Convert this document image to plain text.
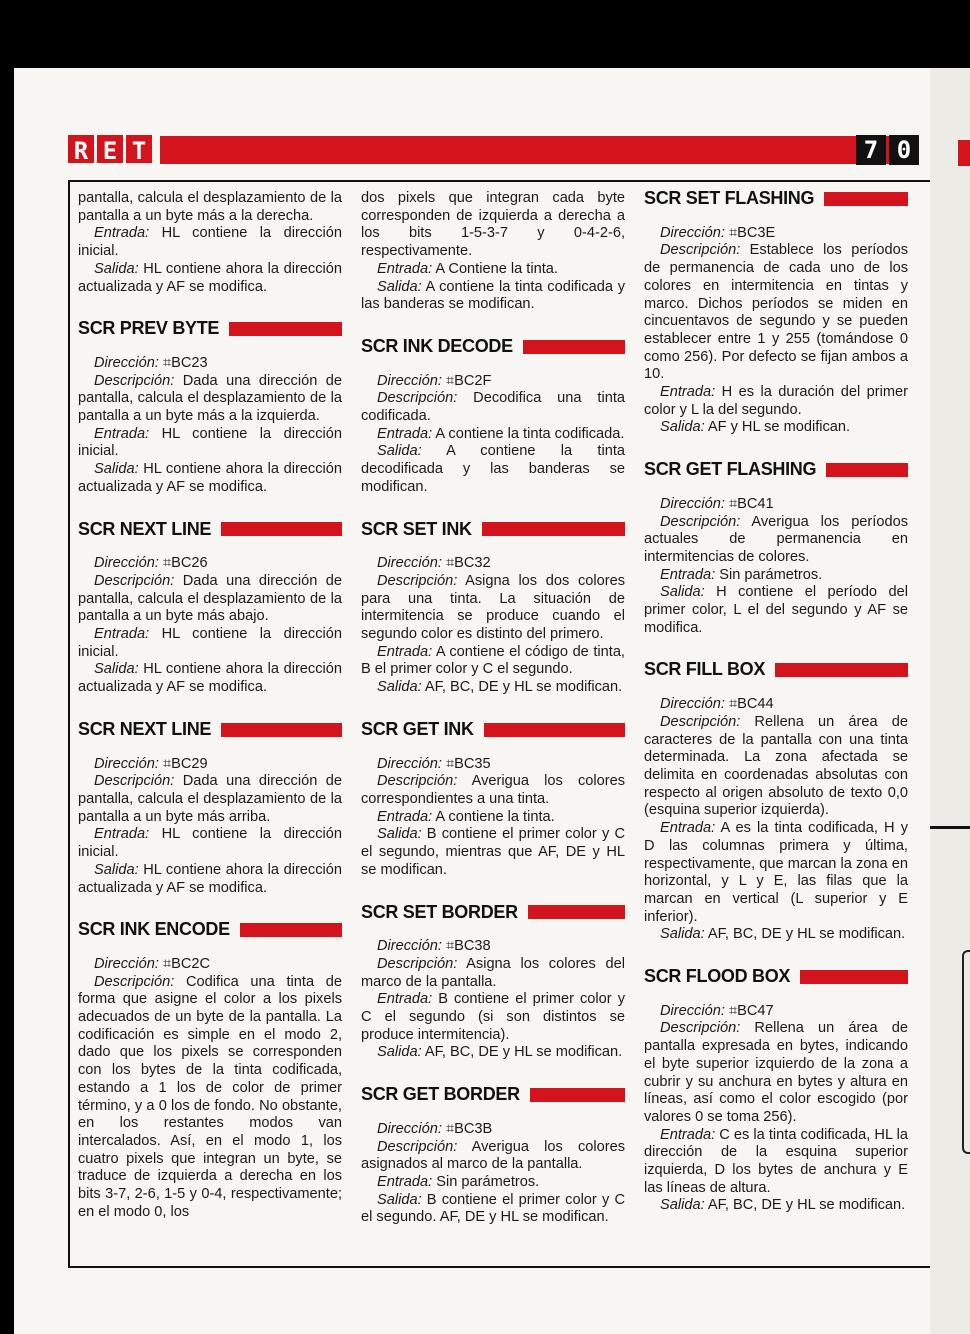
R E T	7 0

pantalla, calcula el desplazamiento de la pantalla a un byte más a la derecha.

Entrada: HL contiene la dirección inicial.

Salida: HL contiene ahora la dirección actualizada y AF se modifica.

SCR PREV BYTE

Dirección: ⌗BC23

Descripción: Dada una dirección de pantalla, calcula el desplazamiento de la pantalla a un byte más a la izquierda.

Entrada: HL contiene la dirección inicial.

Salida: HL contiene ahora la dirección actualizada y AF se modifica.

SCR NEXT LINE

Dirección: ⌗BC26

Descripción: Dada una dirección de pantalla, calcula el desplazamiento de la pantalla a un byte más abajo.

Entrada: HL contiene la dirección inicial.

Salida: HL contiene ahora la dirección actualizada y AF se modifica.

SCR NEXT LINE

Dirección: ⌗BC29

Descripción: Dada una dirección de pantalla, calcula el desplazamiento de la pantalla a un byte más arriba.

Entrada: HL contiene la dirección inicial.

Salida: HL contiene ahora la dirección actualizada y AF se modifica.

SCR INK ENCODE

Dirección: ⌗BC2C

Descripción: Codifica una tinta de forma que asigne el color a los pixels adecuados de un byte de la pantalla. La codificación es simple en el modo 2, dado que los pixels se corresponden con los bytes de la tinta codificada, estando a 1 los de color de primer término, y a 0 los de fondo. No obstante, en los restantes modos van intercalados. Así, en el modo 1, los cuatro pixels que integran un byte, se traduce de izquierda a derecha en los bits 3-7, 2-6, 1-5 y 0-4, respectivamente; en el modo 0, los

dos pixels que integran cada byte corresponden de izquierda a derecha a los bits 1-5-3-7 y 0-4-2-6, respectivamente.

Entrada: A Contiene la tinta.

Salida: A contiene la tinta codificada y las banderas se modifican.

SCR INK DECODE

Dirección: ⌗BC2F

Descripción: Decodifica una tinta codificada.

Entrada: A contiene la tinta codificada.

Salida: A contiene la tinta decodificada y las banderas se modifican.

SCR SET INK

Dirección: ⌗BC32

Descripción: Asigna los dos colores para una tinta. La situación de intermitencia se produce cuando el segundo color es distinto del primero.

Entrada: A contiene el código de tinta, B el primer color y C el segundo.

Salida: AF, BC, DE y HL se modifican.

SCR GET INK

Dirección: ⌗BC35

Descripción: Averigua los colores correspondientes a una tinta.

Entrada: A contiene la tinta.

Salida: B contiene el primer color y C el segundo, mientras que AF, DE y HL se modifican.

SCR SET BORDER

Dirección: ⌗BC38

Descripción: Asigna los colores del marco de la pantalla.

Entrada: B contiene el primer color y C el segundo (si son distintos se produce intermitencia).

Salida: AF, BC, DE y HL se modifican.

SCR GET BORDER

Dirección: ⌗BC3B

Descripción: Averigua los colores asignados al marco de la pantalla.

Entrada: Sin parámetros.

Salida: B contiene el primer color y C el segundo. AF, DE y HL se modifican.

SCR SET FLASHING

Dirección: ⌗BC3E

Descripción: Establece los períodos de permanencia de cada uno de los colores en intermitencia en tintas y marco. Dichos períodos se miden en cincuentavos de segundo y se pueden establecer entre 1 y 255 (tomándose 0 como 256). Por defecto se fijan ambos a 10.

Entrada: H es la duración del primer color y L la del segundo.

Salida: AF y HL se modifican.

SCR GET FLASHING

Dirección: ⌗BC41

Descripción: Averigua los períodos actuales de permanencia en intermitencias de colores.

Entrada: Sin parámetros.

Salida: H contiene el período del primer color, L el del segundo y AF se modifica.

SCR FILL BOX

Dirección: ⌗BC44

Descripción: Rellena un área de caracteres de la pantalla con una tinta determinada. La zona afectada se delimita en coordenadas absolutas con respecto al origen absoluto de texto 0,0 (esquina superior izquierda).

Entrada: A es la tinta codificada, H y D las columnas primera y última, respectivamente, que marcan la zona en horizontal, y L y E, las filas que la marcan en vertical (L superior y E inferior).

Salida: AF, BC, DE y HL se modifican.

SCR FLOOD BOX

Dirección: ⌗BC47

Descripción: Rellena un área de pantalla expresada en bytes, indicando el byte superior izquierdo de la zona a cubrir y su anchura en bytes y altura en líneas, así como el color escogido (por valores 0 se toma 256).

Entrada: C es la tinta codificada, HL la dirección de la esquina superior izquierda, D los bytes de anchura y E las líneas de altura.

Salida: AF, BC, DE y HL se modifican.
